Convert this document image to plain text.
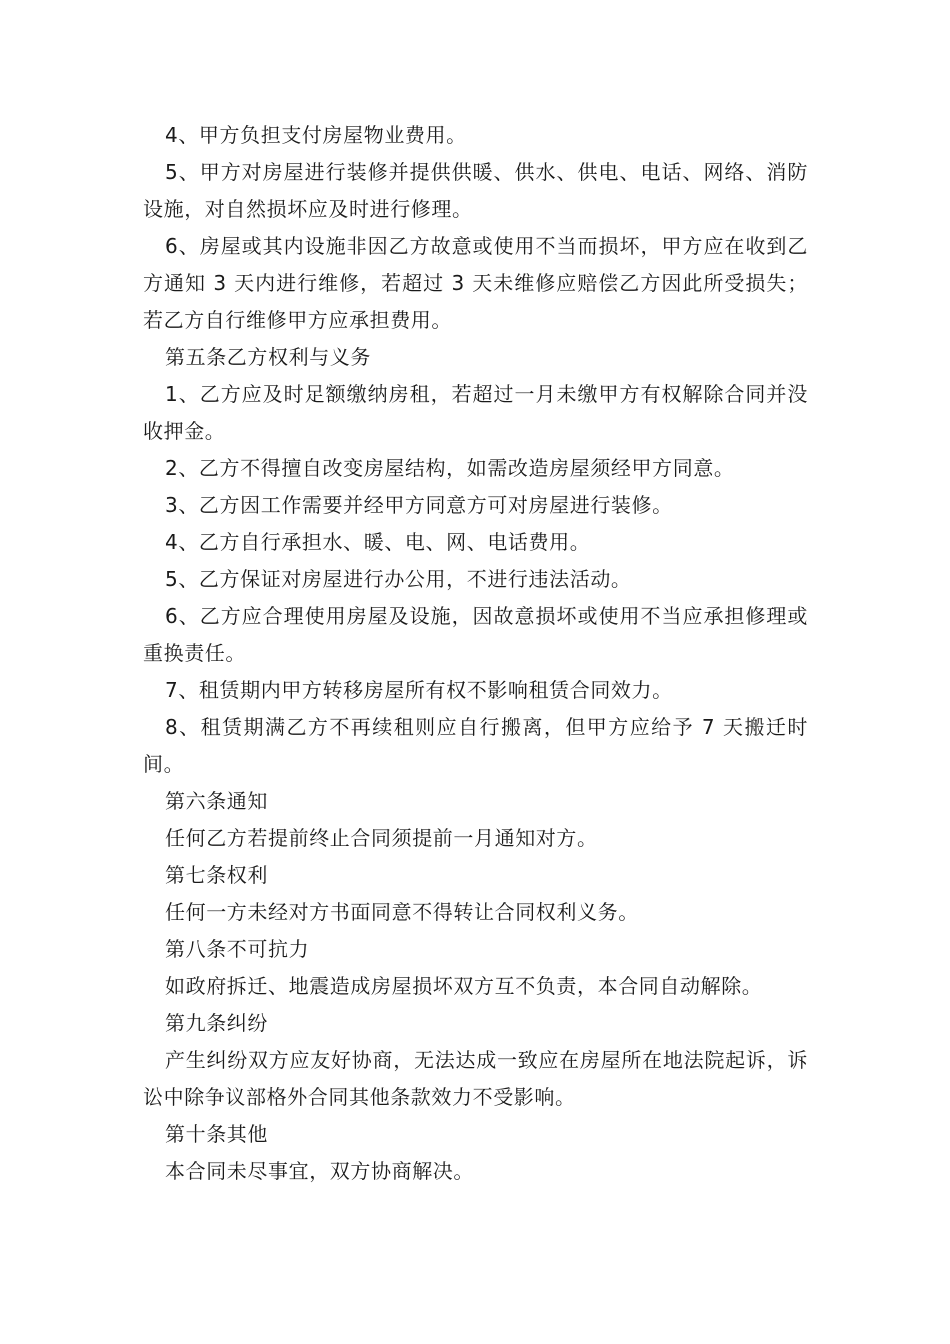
4、甲方负担支付房屋物业费用。

5、甲方对房屋进行装修并提供供暖、供水、供电、电话、网络、消防设施，对自然损坏应及时进行修理。

6、房屋或其内设施非因乙方故意或使用不当而损坏，甲方应在收到乙方通知 3 天内进行维修，若超过 3 天未维修应赔偿乙方因此所受损失；若乙方自行维修甲方应承担费用。

第五条乙方权利与义务

1、乙方应及时足额缴纳房租，若超过一月未缴甲方有权解除合同并没收押金。

2、乙方不得擅自改变房屋结构，如需改造房屋须经甲方同意。

3、乙方因工作需要并经甲方同意方可对房屋进行装修。

4、乙方自行承担水、暖、电、网、电话费用。

5、乙方保证对房屋进行办公用，不进行违法活动。

6、乙方应合理使用房屋及设施，因故意损坏或使用不当应承担修理或重换责任。

7、租赁期内甲方转移房屋所有权不影响租赁合同效力。

8、租赁期满乙方不再续租则应自行搬离，但甲方应给予 7 天搬迁时间。

第六条通知

任何乙方若提前终止合同须提前一月通知对方。

第七条权利

任何一方未经对方书面同意不得转让合同权利义务。

第八条不可抗力

如政府拆迁、地震造成房屋损坏双方互不负责，本合同自动解除。

第九条纠纷

产生纠纷双方应友好协商，无法达成一致应在房屋所在地法院起诉，诉讼中除争议部格外合同其他条款效力不受影响。

第十条其他

本合同未尽事宜，双方协商解决。
